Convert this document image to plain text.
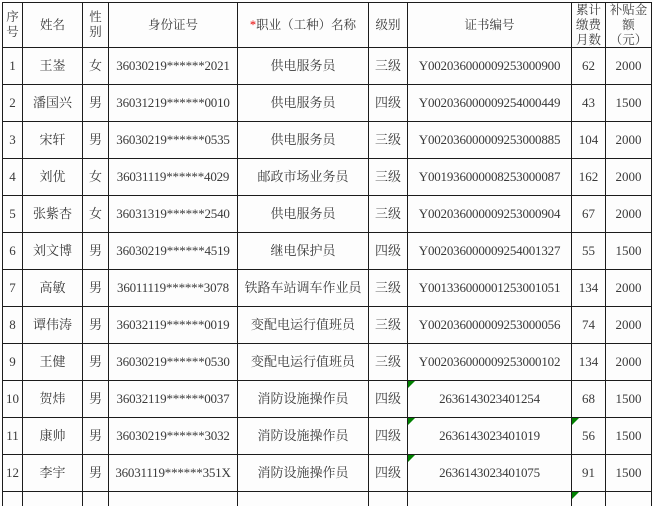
序号	姓名	性别	身份证号	*职业（工种）名称	级别	证书编号	累计缴费月数	补贴金额（元）
1	王崟	女	36030219******2021	供电服务员	三级	Y002036000009253000900	62	2000
2	潘国兴	男	36031219******0010	供电服务员	四级	Y002036000009254000449	43	1500
3	宋轩	男	36030219******0535	供电服务员	三级	Y002036000009253000885	104	2000
4	刘优	女	36031119******4029	邮政市场业务员	三级	Y001936000008253000087	162	2000
5	张紫杏	女	36031319******2540	供电服务员	三级	Y002036000009253000904	67	2000
6	刘文博	男	36030219******4519	继电保护员	四级	Y002036000009254001327	55	1500
7	高敏	男	36011119******3078	铁路车站调车作业员	三级	Y001336000001253001051	134	2000
8	谭伟涛	男	36032119******0019	变配电运行值班员	三级	Y002036000009253000056	74	2000
9	王健	男	36030219******0530	变配电运行值班员	三级	Y002036000009253000102	134	2000
10	贺炜	男	36032119******0037	消防设施操作员	四级	2636143023401254	68	1500
11	康帅	男	36030219******3032	消防设施操作员	四级	2636143023401019	56	1500
12	李宇	男	36031119******351X	消防设施操作员	四级	2636143023401075	91	1500
